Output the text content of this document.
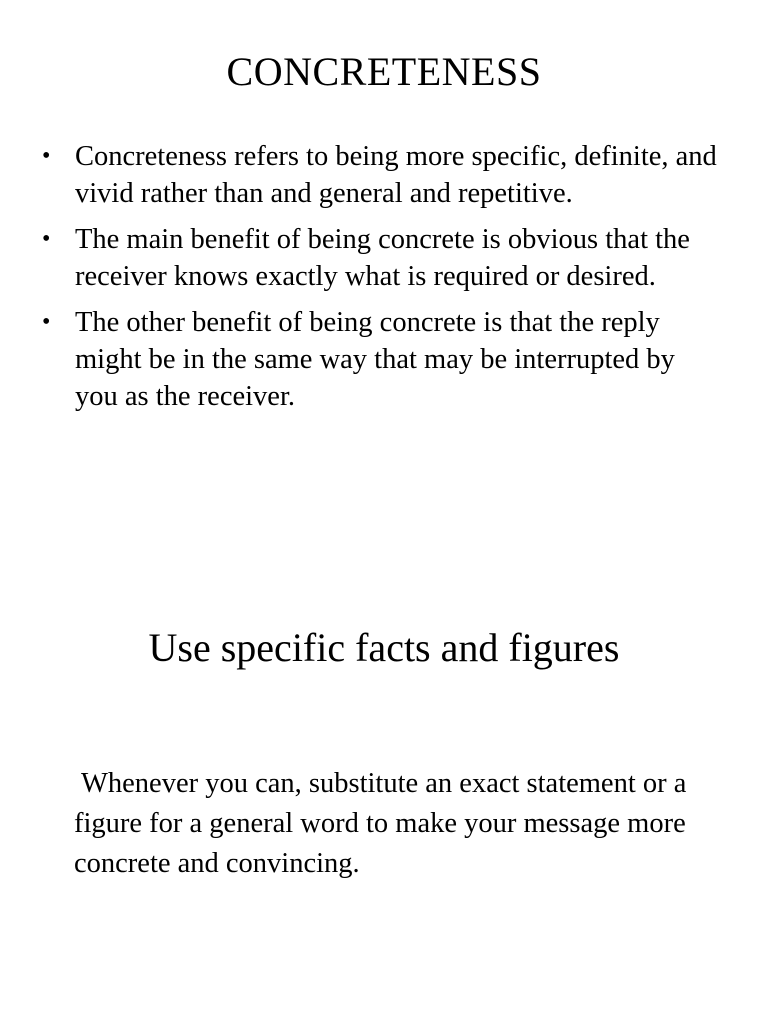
CONCRETENESS
• Concreteness refers to being more specific, definite, and vivid rather than and general and repetitive.
• The main benefit of being concrete is obvious that the receiver knows exactly what is required or desired.
• The other benefit of being concrete is that the reply might be in the same way that may be interrupted by you as the receiver.
Use specific facts and figures

Whenever you can, substitute an exact statement or a figure for a general word to make your message more concrete and convincing.
